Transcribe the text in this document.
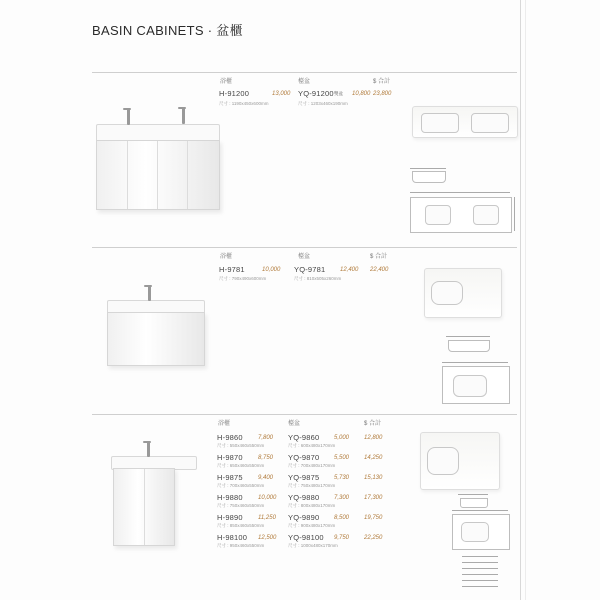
BASIN CABINETS · 盆櫃
浴櫃	檯盆	$ 合計
H-91200	13,000 YQ-91200 雙盆 10,800 23,800
尺寸 : 1190x450x600mm	尺寸 : 1203x460x190mm
浴櫃	檯盆	$ 合計
H-9781	10,000 YQ-9781 12,400 22,400
尺寸 : 790x490x600mm	尺寸 : 810x505x260mm
浴櫃	檯盆	$ 合計
H-9860	7,800 YQ-9860 5,000 12,800
尺寸 : 550x460x550mm	尺寸 : 600x480x170mm
H-9870	8,750 YQ-9870 5,500 14,250
尺寸 : 650x460x550mm	尺寸 : 700x480x170mm
H-9875	9,400 YQ-9875 5,730 15,130
尺寸 : 700x460x550mm	尺寸 : 750x480x170mm
H-9880	10,000 YQ-9880 7,300 17,300
尺寸 : 750x460x550mm	尺寸 : 800x480x170mm
H-9890	11,250 YQ-9890 8,500 19,750
尺寸 : 850x460x550mm	尺寸 : 900x480x170mm
H-98100 12,500 YQ-98100 9,750 22,250
尺寸 : 950x460x550mm	尺寸 : 1000x480x170mm
